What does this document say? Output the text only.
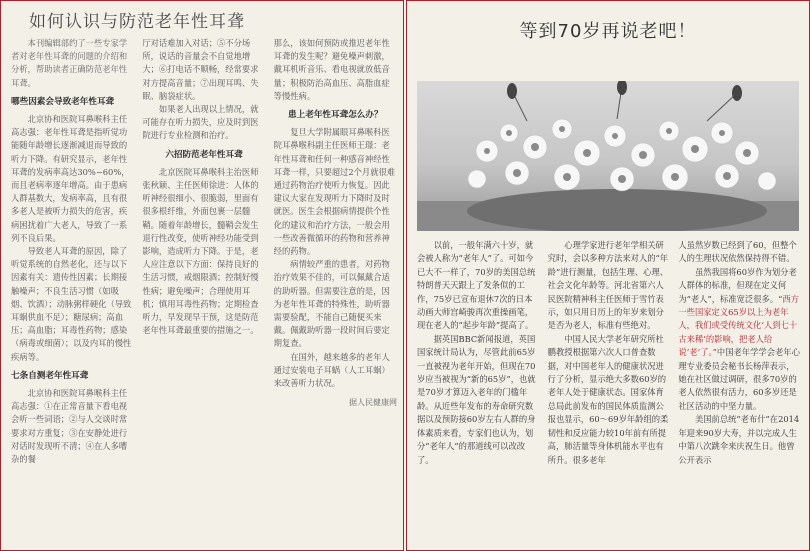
如何认识与防范老年性耳聋

本刊编辑部约了一些专家学者对老年性耳聋的问题的介绍和分析，帮助读者正确防范老年性耳聋。

哪些因素会导致老年性耳聋

北京协和医院耳鼻喉科主任高志强：老年性耳聋是指听觉功能随年龄增长逐渐减退而导致的听力下降。有研究显示，老年性耳聋的发病率高达30%~60%，而且老病率逐年增高。由于患病人群基数大，发病率高，且有很多老人是被听力损失的危害，疾病困扰着广大老人，导致了一系列不良后果。

导致老人耳聋的原因，除了听觉系统的自然老化，还与以下因素有关：遗传性因素；长期接触噪声；不良生活习惯（如吸烟、饮酒）；动脉粥样硬化（导致耳蜗供血不足）；糖尿病；高血压；高血脂；耳毒性药物；感染（病毒或细菌）；以及内耳的慢性疾病等。

七条自测老年性耳聋

北京协和医院耳鼻喉科主任高志强：①在正常音量下看电视会听一些词语；②与人交谈时常要求对方重复；③在安静处进行对话时发现听不清；④在人多嘈杂的餐

厅对话难加入对话；⑤不分场所，说话的音量会不自觉地增大；⑥打电话不顺畅，经常要求对方提高音量；⑦出现耳鸣、失眠、脑袋症状。

如果老人出现以上情况，就可能存在听力损失，应及时到医院进行专业检测和治疗。

六招防范老年性耳聋

北京医院耳鼻喉科主治医师张秋颖、主任医师徐进：人体的听神经很细小、很脆弱，里面有很多根纤维，外面包裹一层髓鞘。随着年龄增长，髓鞘会发生退行性改变，使听神经功能受到影响，造成听力下降。于是，老人应注意以下方面：保持良好的生活习惯，戒烟限酒；控制好慢性病；避免噪声；合理使用耳机；慎用耳毒性药物；定期检查听力，早发现早干预，这是防范老年性耳聋最重要的措施之一。

那么，该如何预防或推迟老年性耳聋的发生呢？避免噪声刺激，戴耳机听音乐、看电视就放低音量；积极防治高血压、高脂血症等慢性病。

患上老年性耳聋怎么办？

复旦大学附属眼耳鼻喉科医院耳鼻喉科副主任医师王璟：老年性耳聋和任何一种感音神经性耳聋一样，只要超过2个月就很难通过药物治疗使听力恢复。因此建议大家在发现听力下降时及时就医。医生会根据病情提供个性化的建议和治疗方法，一般会用一些改善微循环的药物和营养神经的药物。

病情较严重的患者，对药物治疗效果不佳的，可以佩戴合适的助听器。但需要注意的是，因为老年性耳聋的特殊性，助听器需要验配，不能自己随便买来戴。佩戴助听器一段时间后要定期复查。

在国外，越来越多的老年人通过安装电子耳蜗（人工耳蜗）来改善听力状况。

据人民健康网
等到70岁再说老吧！

以前，一般年满六十岁，就会被人称为“老年人”了。可如今已大不一样了，70岁的美国总统特朗普天天跟上了发条似的工作，75岁已宣布退休7次的日本动画大师宫崎骏再次重操画笔，现在老人的“起步年龄”提高了。

据英国BBC新闻报道，英国国家统计局认为，尽管此前65岁一直被视为老年开始，但现在70岁应当被视为“新的65岁”，也就是70岁才算迈入老年的门槛年龄。从近些年发布的寿命研究数据以及预防接60岁左右人群的身体素质来看，专家们也认为，划分“老年人”的那道线可以改改了。

心理学家进行老年学相关研究时，会以多种方法来对人的“年龄”进行测量，包括生理、心理、社会文化年龄等。河北省第六人民医院精神科主任医师于雪竹表示，如只用日历上的年岁来划分是否为老人，标准有些绝对。

中国人民大学老年研究所杜鹏教授根据第六次人口普查数据，对中国老年人的健康状况进行了分析，显示绝大多数60岁的老年人处于健康状态。国家体育总局此前发布的国民体质监测公报也显示，60～69岁年龄组的柔韧性和反应能力较10年前有所提高，肺活量等身体机能水平也有所升。很多老年

人虽然岁数已经到了60，但整个人的生理状况依然保持得不错。

虽然我国将60岁作为划分老人群体的标准，但现在定义何为“老人”，标准宽泛很多。“西方一些国家定义65岁以上为老年人，我们或受传统文化‘人到七十古来稀’的影响，把老人给说‘老’了。”中国老年学学会老年心理专业委员会秘书长杨萍表示，她在社区做过调研，很多70岁的老人依然很有活力，60多岁还是社区活动的中坚力量。

美国前总统“老布什”在2014年迎来90岁大寿，并以完成人生中第八次跳伞来庆祝生日。他曾公开表示
